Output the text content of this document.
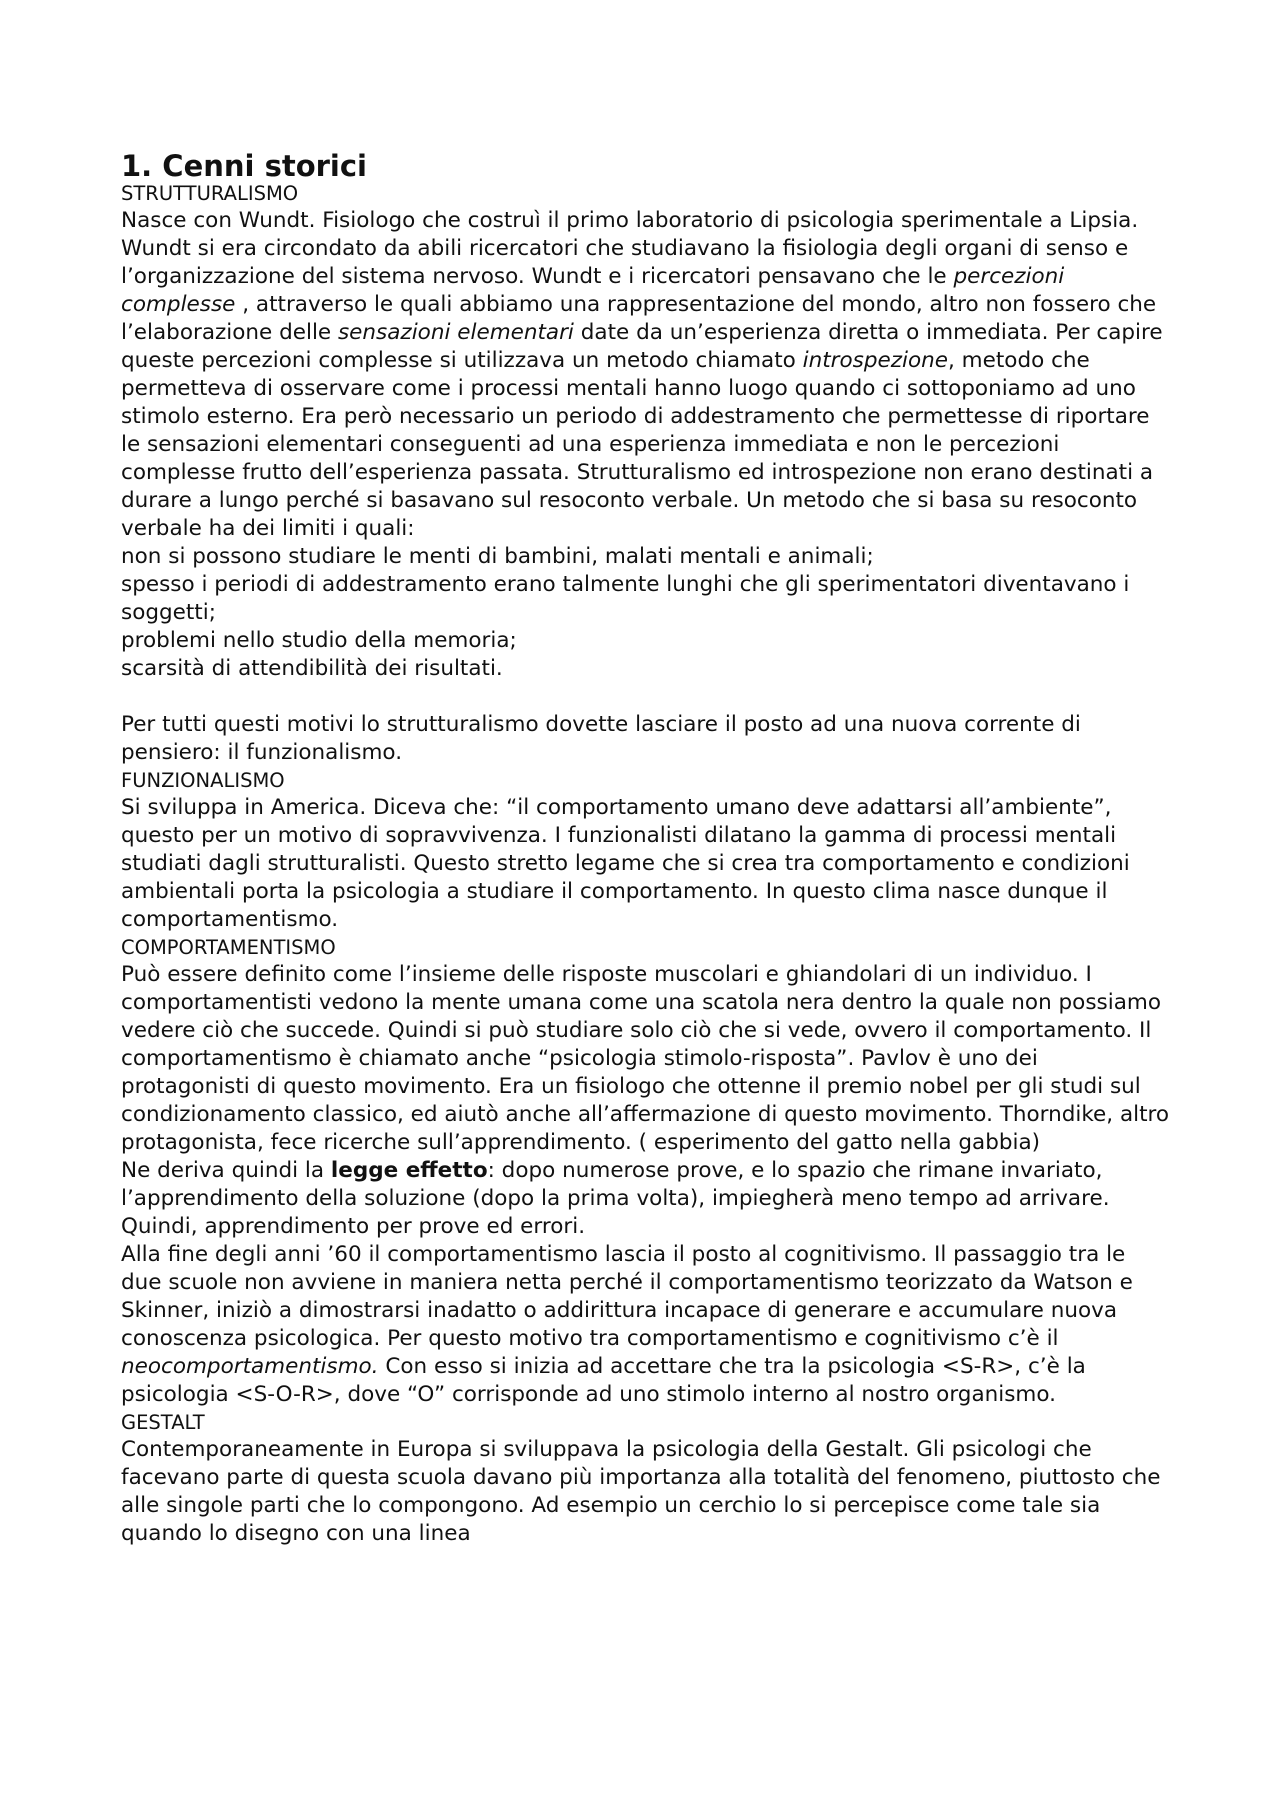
1. Cenni storici
STRUTTURALISMO

Nasce con Wundt. Fisiologo che costruì il primo laboratorio di psicologia sperimentale a Lipsia. Wundt si era circondato da abili ricercatori che studiavano la fisiologia degli organi di senso e l’organizzazione del sistema nervoso. Wundt e i ricercatori pensavano che le percezioni complesse , attraverso le quali abbiamo una rappresentazione del mondo, altro non fossero che l’elaborazione delle sensazioni elementari date da un’esperienza diretta o immediata. Per capire queste percezioni complesse si utilizzava un metodo chiamato introspezione, metodo che permetteva di osservare come i processi mentali hanno luogo quando ci sottoponiamo ad uno stimolo esterno. Era però necessario un periodo di addestramento che permettesse di riportare le sensazioni elementari conseguenti ad una esperienza immediata e non le percezioni complesse frutto dell’esperienza passata. Strutturalismo ed introspezione non erano destinati a durare a lungo perché si basavano sul resoconto verbale. Un metodo che si basa su resoconto verbale ha dei limiti i quali:

non si possono studiare le menti di bambini, malati mentali e animali;

spesso i periodi di addestramento erano talmente lunghi che gli sperimentatori diventavano i soggetti;

problemi nello studio della memoria;

scarsità di attendibilità dei risultati.

Per tutti questi motivi lo strutturalismo dovette lasciare il posto ad una nuova corrente di pensiero: il funzionalismo.

FUNZIONALISMO

Si sviluppa in America. Diceva che: “il comportamento umano deve adattarsi all’ambiente”, questo per un motivo di sopravvivenza. I funzionalisti dilatano la gamma di processi mentali studiati dagli strutturalisti. Questo stretto legame che si crea tra comportamento e condizioni ambientali porta la psicologia a studiare il comportamento. In questo clima nasce dunque il comportamentismo.

COMPORTAMENTISMO

Può essere definito come l’insieme delle risposte muscolari e ghiandolari di un individuo. I comportamentisti vedono la mente umana come una scatola nera dentro la quale non possiamo vedere ciò che succede. Quindi si può studiare solo ciò che si vede, ovvero il comportamento. Il comportamentismo è chiamato anche “psicologia stimolo-risposta”. Pavlov è uno dei protagonisti di questo movimento. Era un fisiologo che ottenne il premio nobel per gli studi sul condizionamento classico, ed aiutò anche all’affermazione di questo movimento. Thorndike, altro protagonista, fece ricerche sull’apprendimento. ( esperimento del gatto nella gabbia)

Ne deriva quindi la legge effetto: dopo numerose prove, e lo spazio che rimane invariato, l’apprendimento della soluzione (dopo la prima volta), impiegherà meno tempo ad arrivare.

Quindi, apprendimento per prove ed errori.

Alla fine degli anni ’60 il comportamentismo lascia il posto al cognitivismo. Il passaggio tra le due scuole non avviene in maniera netta perché il comportamentismo teorizzato da Watson e Skinner, iniziò a dimostrarsi inadatto o addirittura incapace di generare e accumulare nuova conoscenza psicologica. Per questo motivo tra comportamentismo e cognitivismo c’è il neocomportamentismo. Con esso si inizia ad accettare che tra la psicologia <S-R>, c’è la psicologia <S-O-R>, dove “O” corrisponde ad uno stimolo interno al nostro organismo.

GESTALT

Contemporaneamente in Europa si sviluppava la psicologia della Gestalt. Gli psicologi che facevano parte di questa scuola davano più importanza alla totalità del fenomeno, piuttosto che alle singole parti che lo compongono. Ad esempio un cerchio lo si percepisce come tale sia quando lo disegno con una linea
